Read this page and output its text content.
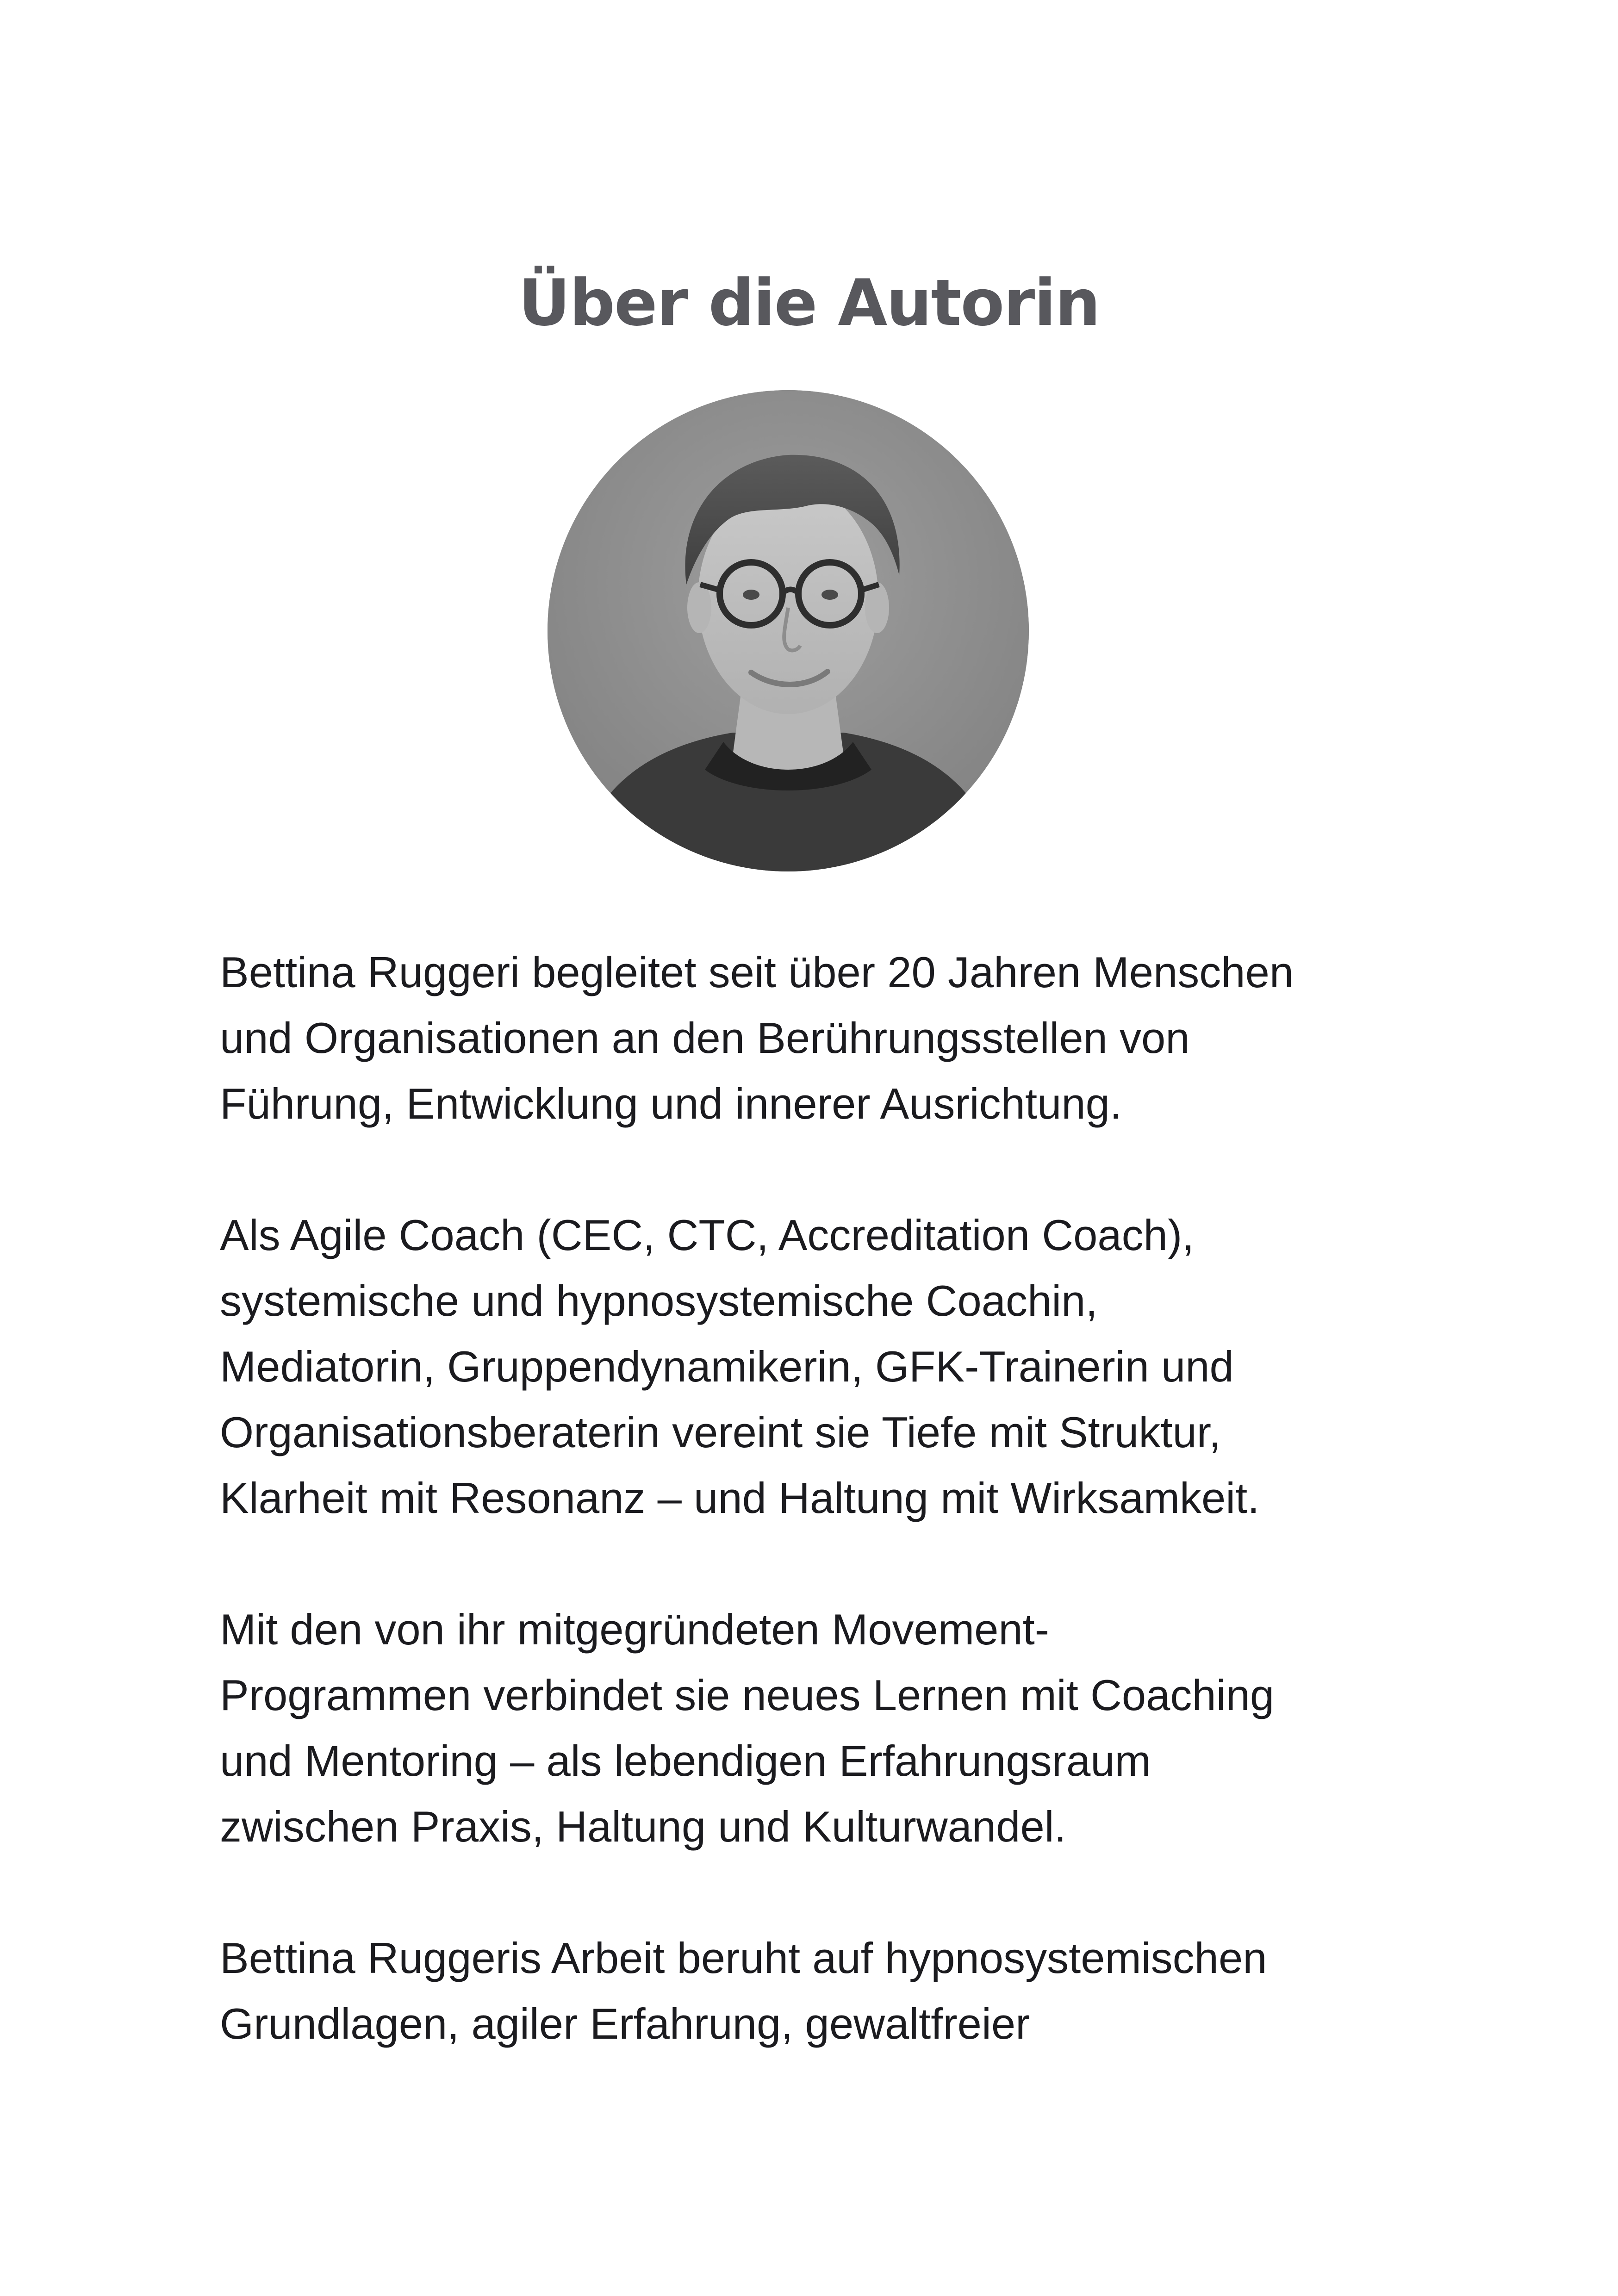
Über die Autorin

Bettina Ruggeri begleitet seit über 20 Jahren Menschen
und Organisationen an den Berührungsstellen von
Führung, Entwicklung und innerer Ausrichtung.

Als Agile Coach (CEC, CTC, Accreditation Coach),
systemische und hypnosystemische Coachin,
Mediatorin, Gruppendynamikerin, GFK-Trainerin und
Organisationsberaterin vereint sie Tiefe mit Struktur,
Klarheit mit Resonanz – und Haltung mit Wirksamkeit.

Mit den von ihr mitgegründeten Movement-
Programmen verbindet sie neues Lernen mit Coaching
und Mentoring – als lebendigen Erfahrungsraum
zwischen Praxis, Haltung und Kulturwandel.

Bettina Ruggeris Arbeit beruht auf hypnosystemischen
Grundlagen, agiler Erfahrung, gewaltfreier
